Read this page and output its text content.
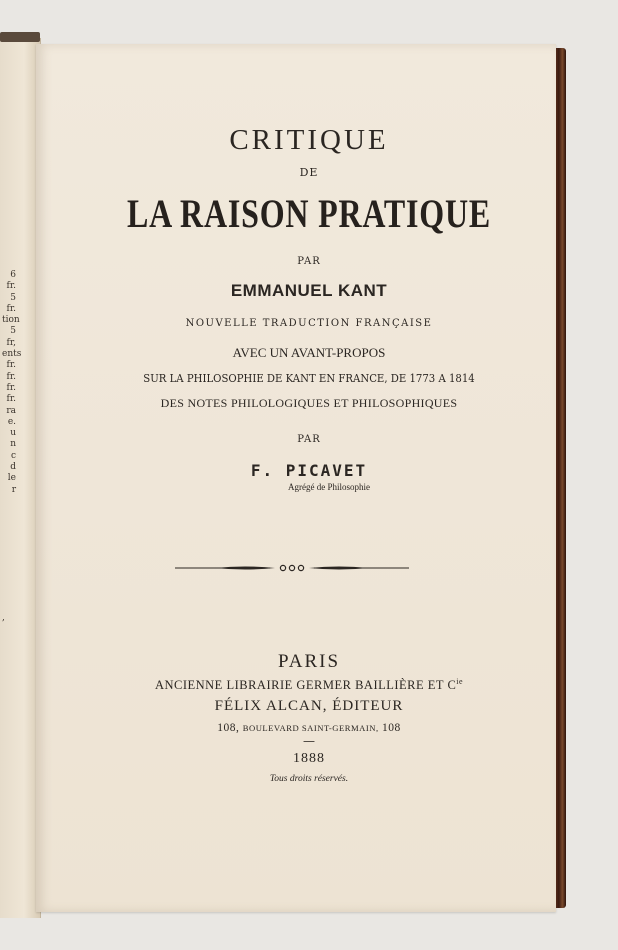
6 fr.
5 fr.
tion
5 fr,
ents
fr.
fr.
fr.
fr.
ra
e.
u
n
c
d
le
r
,
CRITIQUE
DE
LA RAISON PRATIQUE
PAR
EMMANUEL KANT
NOUVELLE TRADUCTION FRANÇAISE
AVEC UN AVANT-PROPOS
SUR LA PHILOSOPHIE DE KANT EN FRANCE, DE 1773 A 1814
DES NOTES PHILOLOGIQUES ET PHILOSOPHIQUES
PAR
F. PICAVET
Agrégé de Philosophie
PARIS
ANCIENNE LIBRAIRIE GERMER BAILLIÈRE ET $C^{ie}$
FÉLIX ALCAN, ÉDITEUR
108, BOULEVARD SAINT-GERMAIN, 108
—
1888
Tous droits réservés.
